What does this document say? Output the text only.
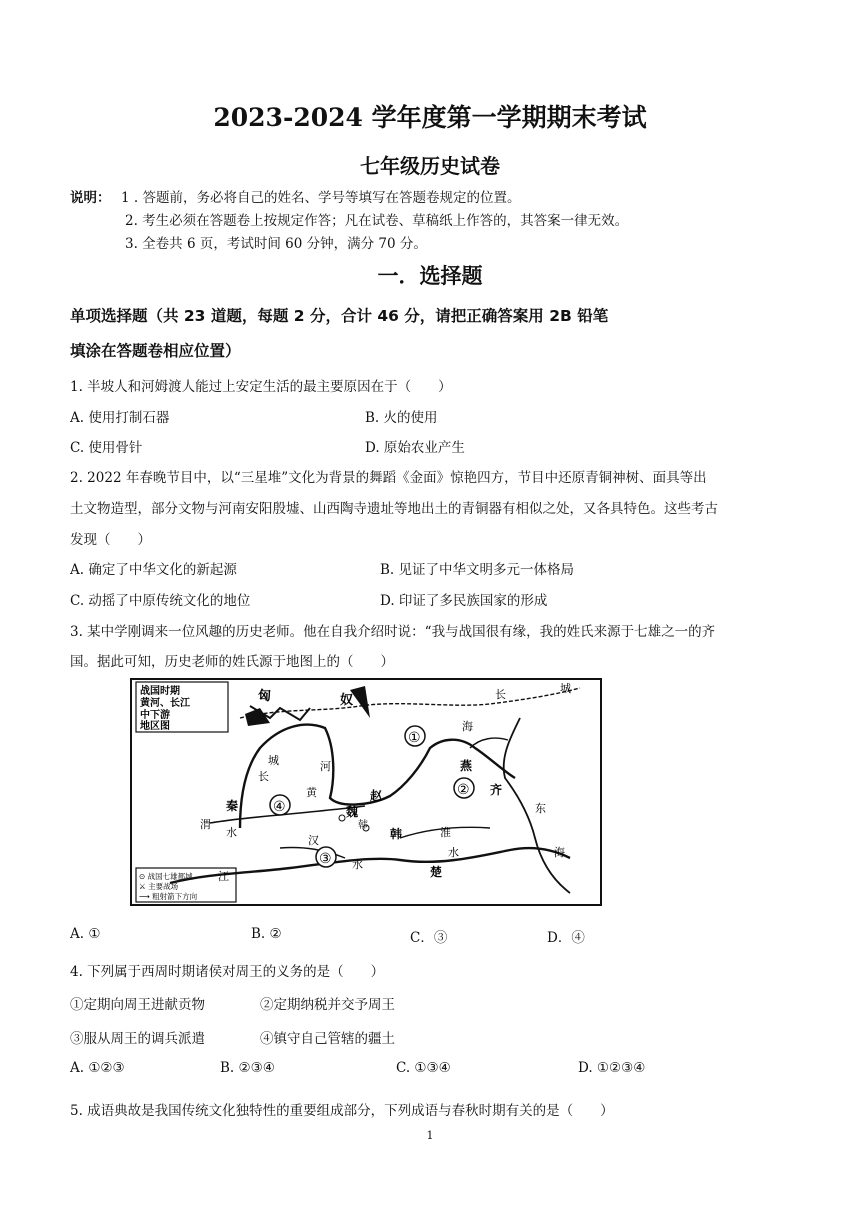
2023-2024 学年度第一学期期末考试
七年级历史试卷
说明： 1 . 答题前，务必将自己的姓名、学号等填写在答题卷规定的位置。
2. 考生必须在答题卷上按规定作答；凡在试卷、草稿纸上作答的，其答案一律无效。
3. 全卷共 6 页，考试时间 60 分钟，满分 70 分。
一．选择题
单项选择题（共 23 道题，每题 2 分，合计 46 分，请把正确答案用 2B 铅笔
填涂在答题卷相应位置）
1. 半坡人和河姆渡人能过上安定生活的最主要原因在于（　　）
A. 使用打制石器	B. 火的使用
C. 使用骨针	D. 原始农业产生
2. 2022 年春晚节目中，以“三星堆”文化为背景的舞蹈《金面》惊艳四方，节目中还原青铜神树、面具等出
土文物造型，部分文物与河南安阳殷墟、山西陶寺遗址等地出土的青铜器有相似之处，又各具特色。这些考古
发现（　　）
A. 确定了中华文化的新起源	B. 见证了中华文明多元一体格局
C. 动摇了中原传统文化的地位	D. 印证了多民族国家的形成
3. 某中学刚调来一位风趣的历史老师。他在自我介绍时说：“我与战国很有缘，我的姓氏来源于七雄之一的齐
国。据此可知，历史老师的姓氏源于地图上的（　　）
战国时期
黄河、长江
中下游
地区图
⊙ 战国七雄都城
⚔ 主要战场
⟶ 粗射箭下方向
匈	奴	长	城
河
赵
燕
秦	魏
韩
楚
齐
海
东
海
渭
水
汉
江
水
淮
水
长
城
黄
韩
①
②
③
④
A. ①	B. ②	C．③	D．④
4. 下列属于西周时期诸侯对周王的义务的是（　　）
①定期向周王进献贡物	②定期纳税并交予周王
③服从周王的调兵派遣	④镇守自己管辖的疆土
A. ①②③	B. ②③④	C. ①③④	D. ①②③④
5. 成语典故是我国传统文化独特性的重要组成部分，下列成语与春秋时期有关的是（　　）
1
